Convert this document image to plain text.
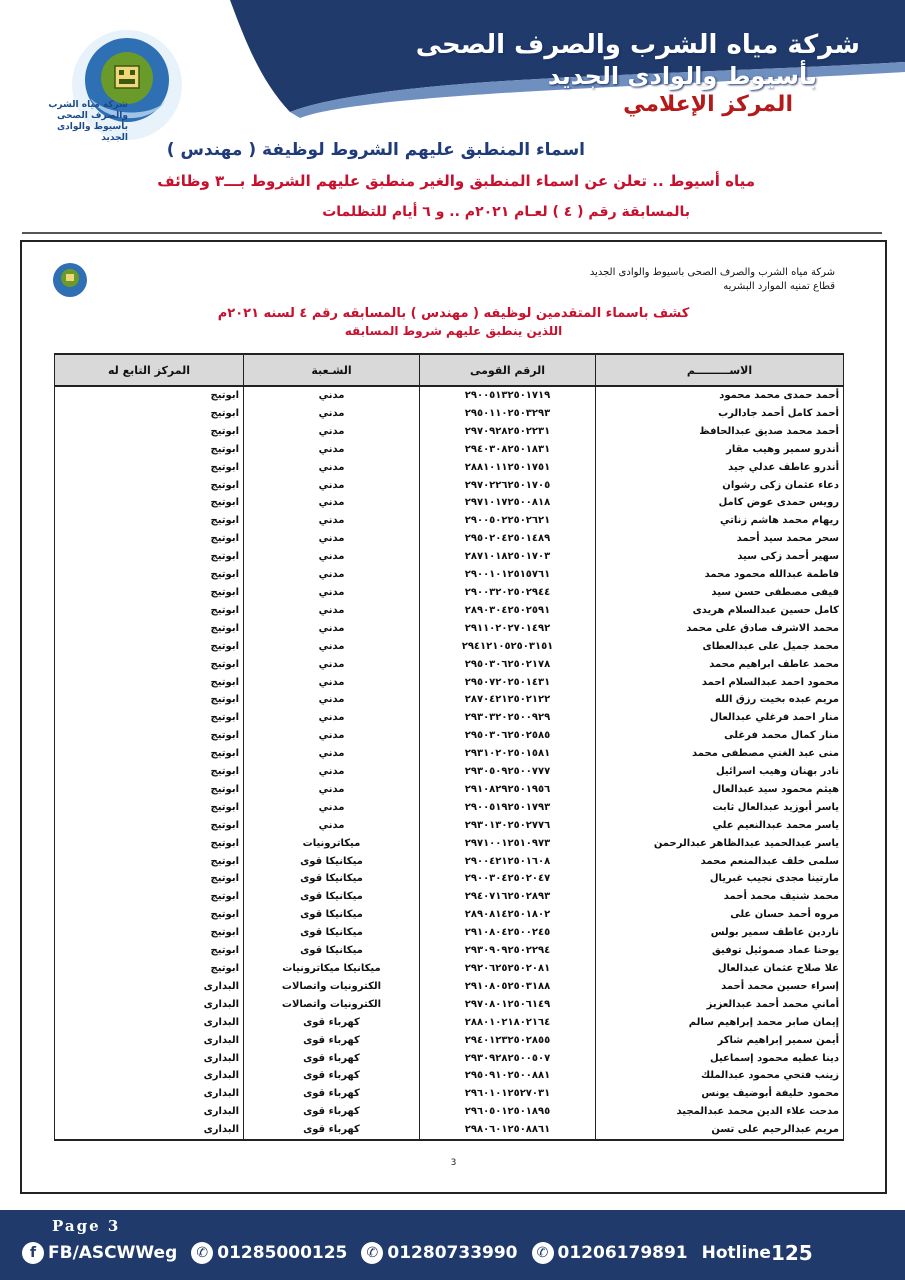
شركة مياه الشرب والصرف الصحى بأسيوط والوادى الجديد
شركة مياه الشرب والصرف الصحى
بأسيوط والوادى الجديد
المركز الإعلامي
اسماء المنطبق عليهم الشروط لوظيفة ( مهندس )
مياه أسيوط .. تعلن عن اسماء المنطبق والغير منطبق عليهم الشروط بـــ٣ وظائف
بالمسابقة رقم ( ٤ ) لعـام ٢٠٢١م .. و ٦ أيام للتظلمات
شركة مياه الشرب والصرف الصحى باسيوط والوادى الجديد
قطاع تمنيه الموارد البشريه
كشف باسماء المتقدمين لوظيفه ( مهندس ) بالمسابقه رقم ٤ لسنه ٢٠٢١م
اللذين ينطبق عليهم شروط المسابقه
الاســـــــــم	الرقم القومى	الشـعبة	المركز التابع له
أحمد حمدى محمد محمود	٢٩٠٠٥١٣٢٥٠١٧١٩	مدني	ابوتيج
أحمد كامل أحمد جادالرب	٢٩٥٠١١٠٢٥٠٣٢٩٣	مدني	ابوتيج
أحمد محمد صديق عبدالحافظ	٢٩٧٠٩٢٨٢٥٠٢٢٣١	مدني	ابوتيج
أندرو سمير وهيب مقار	٢٩٤٠٣٠٨٢٥٠١٨٣١	مدني	ابوتيج
أندرو عاطف عدلي جيد	٢٨٨١٠١١٢٥٠١٧٥١	مدني	ابوتيج
دعاء عثمان زكى رشوان	٢٩٧٠٢٢٦٢٥٠١٧٠٥	مدني	ابوتيج
رويس حمدى عوض كامل	٢٩٧١٠١٧٢٥٠٠٨١٨	مدني	ابوتيج
ريهام محمد هاشم زناتي	٢٩٠٠٥٠٢٢٥٠٢٦٢١	مدني	ابوتيج
سحر محمد سيد أحمد	٢٩٥٠٢٠٤٢٥٠١٤٨٩	مدني	ابوتيج
سهير أحمد زكى سيد	٢٨٧١٠١٨٢٥٠١٧٠٣	مدني	ابوتيج
فاطمة عبدالله محمود محمد	٢٩٠٠١٠١٢٥١٥٧٦١	مدني	ابوتيج
فيفى مصطفى حسن سيد	٢٩٠٠٣٢٠٢٥٠٢٩٤٤	مدني	ابوتيج
كامل حسين عبدالسلام هريدى	٢٨٩٠٣٠٤٢٥٠٢٥٩١	مدني	ابوتيج
محمد الاشرف صادق على محمد	٢٩١١٠٢٠٢٧٠١٤٩٢	مدني	ابوتيج
محمد جميل على عبدالعطاى	٢٩٤١٢١٠٥٢٥٠٣١٥١	مدني	ابوتيج
محمد عاطف ابراهيم محمد	٢٩٥٠٣٠٦٢٥٠٢١٧٨	مدني	ابوتيج
محمود احمد عبدالسلام احمد	٢٩٥٠٧٢٠٢٥٠١٤٣١	مدني	ابوتيج
مريم عبده بخيت رزق الله	٢٨٧٠٤٢١٢٥٠٢١٢٢	مدني	ابوتيج
منار احمد فرغلي عبدالعال	٢٩٣٠٣٢٠٢٥٠٠٩٢٩	مدني	ابوتيج
منار كمال محمد فرغلى	٢٩٥٠٣٠٦٢٥٠٢٥٨٥	مدني	ابوتيج
منى عبد الغني مصطفى محمد	٢٩٣١٠٢٠٢٥٠١٥٨١	مدني	ابوتيج
نادر بهنان وهيب اسرائيل	٢٩٣٠٥٠٩٢٥٠٠٧٧٧	مدني	ابوتيج
هيثم محمود سيد عبدالعال	٢٩١٠٨٢٩٢٥٠١٩٥٦	مدني	ابوتيج
ياسر أبوزيد عبدالعال ثابت	٢٩٠٠٥١٩٢٥٠١٧٩٣	مدني	ابوتيج
ياسر محمد عبدالنعيم علي	٢٩٣٠١٣٠٢٥٠٢٧٧٦	مدني	ابوتيج
ياسر عبدالحميد عبدالظاهر عبدالرحمن	٢٩٧١٠٠١٢٥١٠٩٧٣	ميكاترونيات	ابوتيج
سلمى خلف عبدالمنعم محمد	٢٩٠٠٤٢١٢٥٠١٦٠٨	ميكانيكا قوى	ابوتيج
مارتينا مجدى نجيب غبريال	٢٩٠٠٣٠٤٢٥٠٢٠٤٧	ميكانيكا قوى	ابوتيج
محمد شنيف محمد أحمد	٢٩٤٠٧١٦٢٥٠٢٨٩٣	ميكانيكا قوى	ابوتيج
مروه أحمد حسان على	٢٨٩٠٨١٤٢٥٠١٨٠٢	ميكانيكا قوى	ابوتيج
ناردين عاطف سمير بولس	٢٩١٠٨٠٤٢٥٠٠٢٤٥	ميكانيكا قوى	ابوتيج
يوحنا عماد صموئيل توفيق	٢٩٣٠٩٠٩٢٥٠٢٢٩٤	ميكانيكا قوى	ابوتيج
علا صلاح عثمان عبدالعال	٢٩٢٠٦٢٥٢٥٠٢٠٨١	ميكانيكا ميكاترونيات	ابوتيج
إسراء حسين محمد أحمد	٢٩١٠٨٠٥٢٥٠٣١٨٨	الكترونيات واتصالات	البدارى
أماني محمد أحمد عبدالعزيز	٢٩٧٠٨٠١٢٥٠٦١٤٩	الكترونيات واتصالات	البدارى
إيمان صابر محمد إبراهيم سالم	٢٨٨٠١٠٢١٨٠٢١٦٤	كهرباء قوى	البدارى
أيمن سمير إبراهيم شاكر	٢٩٤٠١٢٣٢٥٠٢٨٥٥	كهرباء قوى	البدارى
دينا عطيه محمود إسماعيل	٢٩٣٠٩٢٨٢٥٠٠٥٠٧	كهرباء قوى	البدارى
زينب فتحي محمود عبدالملك	٢٩٥٠٩١٠٢٥٠٠٨٨١	كهرباء قوى	البدارى
محمود خليفة أبوضيف يونس	٢٩٦٠١٠١٢٥٢٧٠٣١	كهرباء قوى	البدارى
مدحت علاء الدين محمد عبدالمجيد	٢٩٦٠٥٠١٢٥٠١٨٩٥	كهرباء قوى	البدارى
مريم عبدالرحيم على تسن	٢٩٨٠٦٠١٢٥٠٨٨٦١	كهرباء قوى	البدارى
3
Page 3
f FB/ASCWWeg	✆ 01285000125	✆ 01280733990	✆ 01206179891 Hotline 125
